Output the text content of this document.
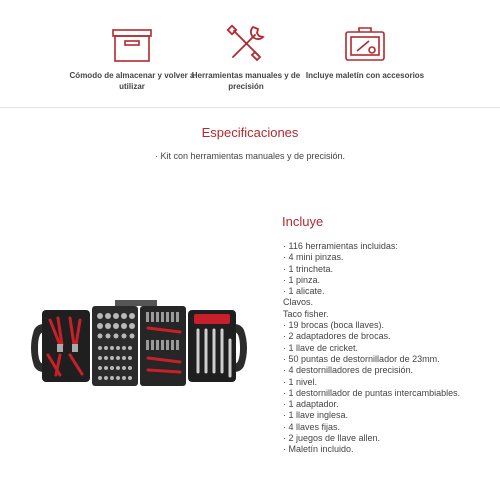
Cómodo de almacenar y volver a utilizar
Herramientas manuales y de precisión
Incluye maletín con accesorios
Especificaciones
· Kit con herramientas manuales y de precisión.
Incluye
· 116 herramientas incluidas:
· 4 mini pinzas.
· 1 trincheta.
· 1 pinza.
· 1 alicate.
Clavos.
Taco fisher.
· 19 brocas (boca llaves).
· 2 adaptadores de brocas.
· 1 llave de cricket.
· 50 puntas de destornillador de 23mm.
· 4 destornilladores de precisión.
· 1 nivel.
· 1 destornillador de puntas intercambiables.
· 1 adaptador.
· 1 llave inglesa.
· 4 llaves fijas.
· 2 juegos de llave allen.
· Maletín incluido.
